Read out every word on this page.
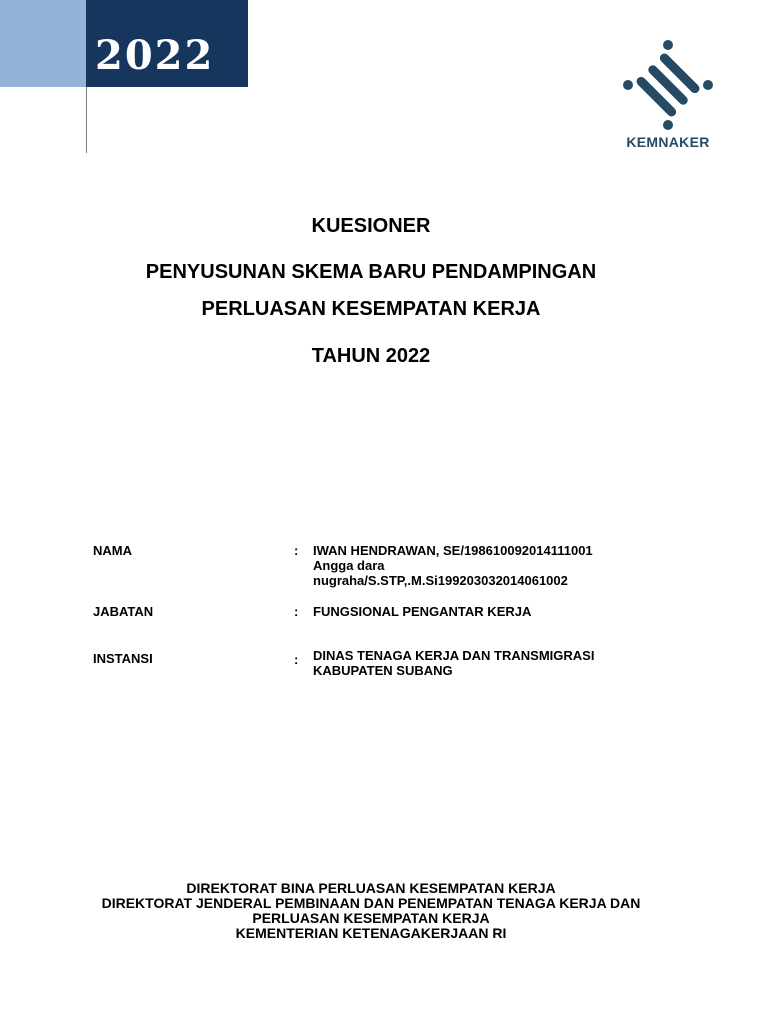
2022
KEMNAKER
KUESIONER
PENYUSUNAN SKEMA BARU PENDAMPINGAN
PERLUASAN KESEMPATAN KERJA
TAHUN 2022
NAMA	: IWAN HENDRAWAN, SE/198610092014111001
Angga dara
nugraha/S.STP,.M.Si199203032014061002
JABATAN	: FUNGSIONAL PENGANTAR KERJA
INSTANSI	: DINAS TENAGA KERJA DAN TRANSMIGRASI
KABUPATEN SUBANG
DIREKTORAT BINA PERLUASAN KESEMPATAN KERJA
DIREKTORAT JENDERAL PEMBINAAN DAN PENEMPATAN TENAGA KERJA DAN
PERLUASAN KESEMPATAN KERJA
KEMENTERIAN KETENAGAKERJAAN RI
